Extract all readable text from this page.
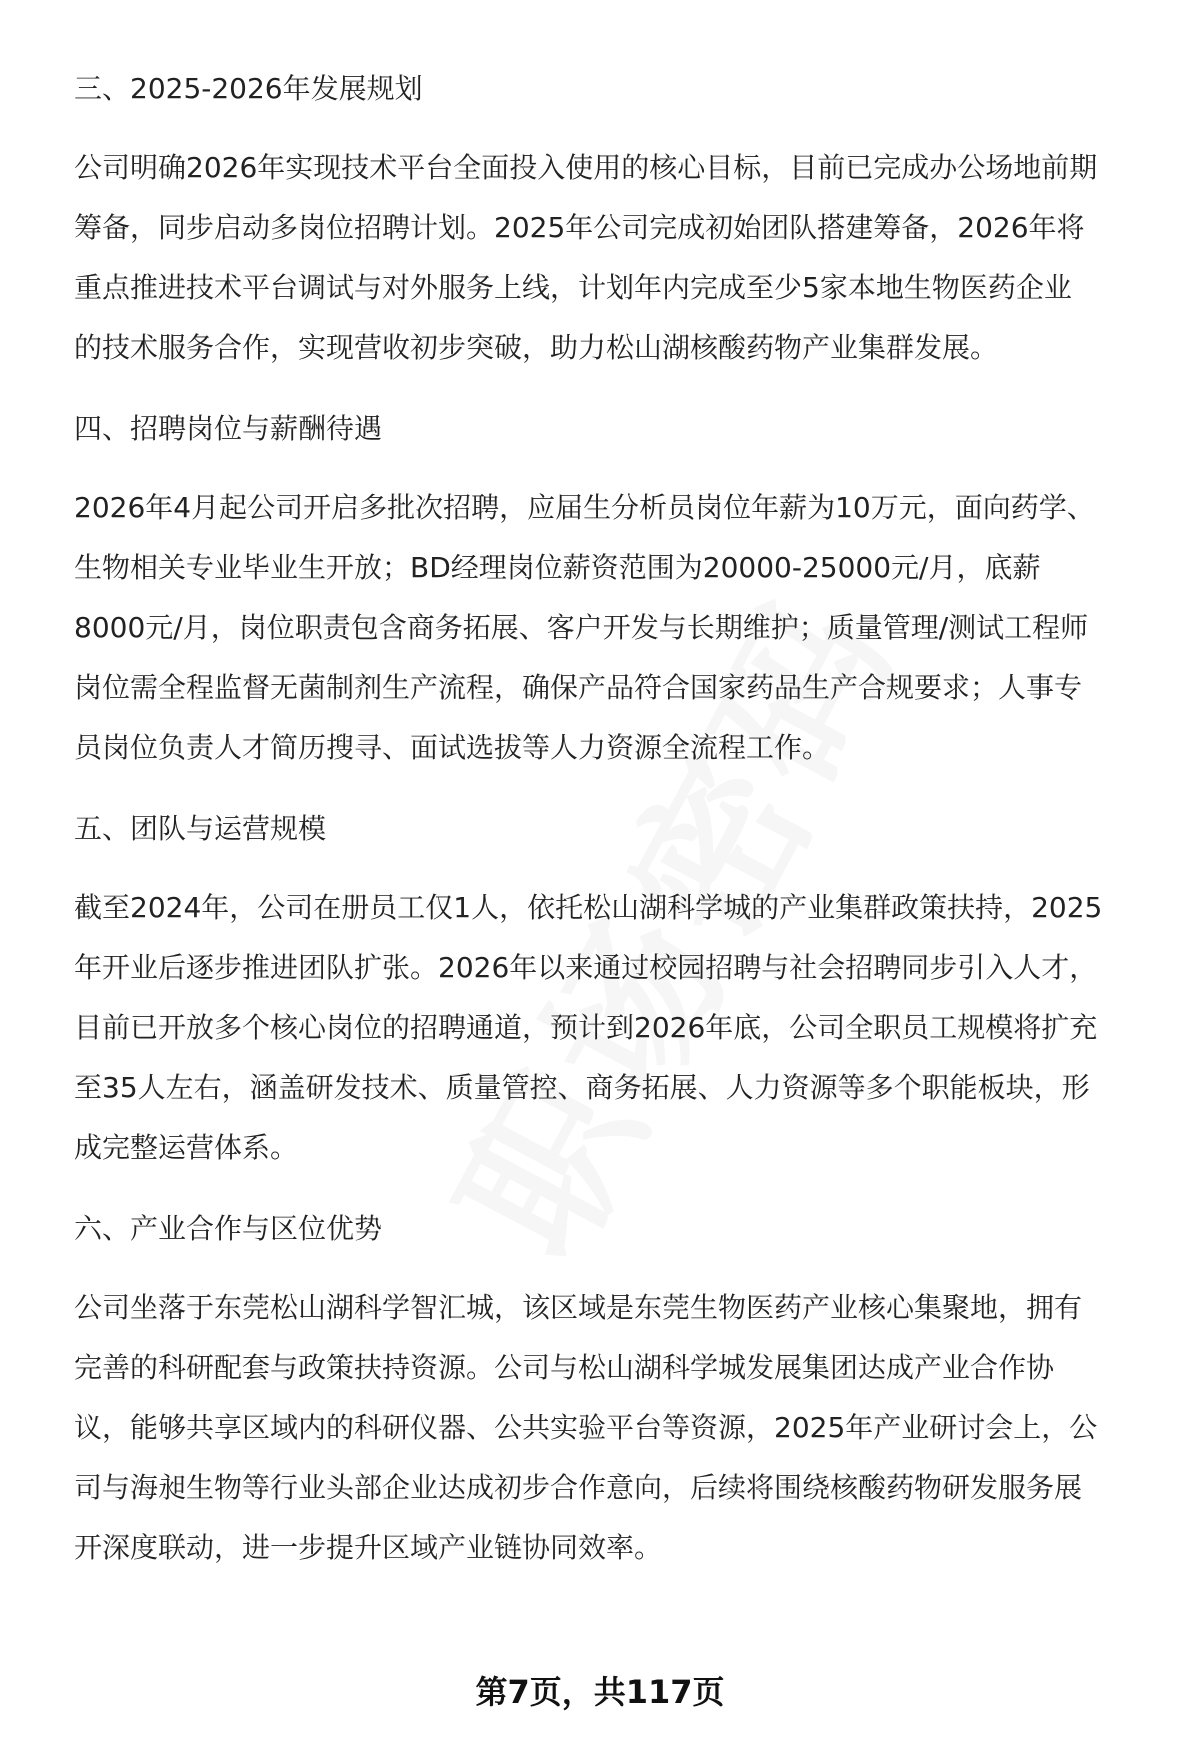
三、2025-2026年发展规划

公司明确2026年实现技术平台全面投入使用的核心目标，目前已完成办公场地前期
筹备，同步启动多岗位招聘计划。2025年公司完成初始团队搭建筹备，2026年将
重点推进技术平台调试与对外服务上线，计划年内完成至少5家本地生物医药企业
的技术服务合作，实现营收初步突破，助力松山湖核酸药物产业集群发展。

四、招聘岗位与薪酬待遇

2026年4月起公司开启多批次招聘，应届生分析员岗位年薪为10万元，面向药学、
生物相关专业毕业生开放；BD经理岗位薪资范围为20000-25000元/月，底薪
8000元/月，岗位职责包含商务拓展、客户开发与长期维护；质量管理/测试工程师
岗位需全程监督无菌制剂生产流程，确保产品符合国家药品生产合规要求；人事专
员岗位负责人才简历搜寻、面试选拔等人力资源全流程工作。

五、团队与运营规模

截至2024年，公司在册员工仅1人，依托松山湖科学城的产业集群政策扶持，2025
年开业后逐步推进团队扩张。2026年以来通过校园招聘与社会招聘同步引入人才，
目前已开放多个核心岗位的招聘通道，预计到2026年底，公司全职员工规模将扩充
至35人左右，涵盖研发技术、质量管控、商务拓展、人力资源等多个职能板块，形
成完整运营体系。

六、产业合作与区位优势

公司坐落于东莞松山湖科学智汇城，该区域是东莞生物医药产业核心集聚地，拥有
完善的科研配套与政策扶持资源。公司与松山湖科学城发展集团达成产业合作协
议，能够共享区域内的科研仪器、公共实验平台等资源，2025年产业研讨会上，公
司与海昶生物等行业头部企业达成初步合作意向，后续将围绕核酸药物研发服务展
开深度联动，进一步提升区域产业链协同效率。

第7页，共117页
